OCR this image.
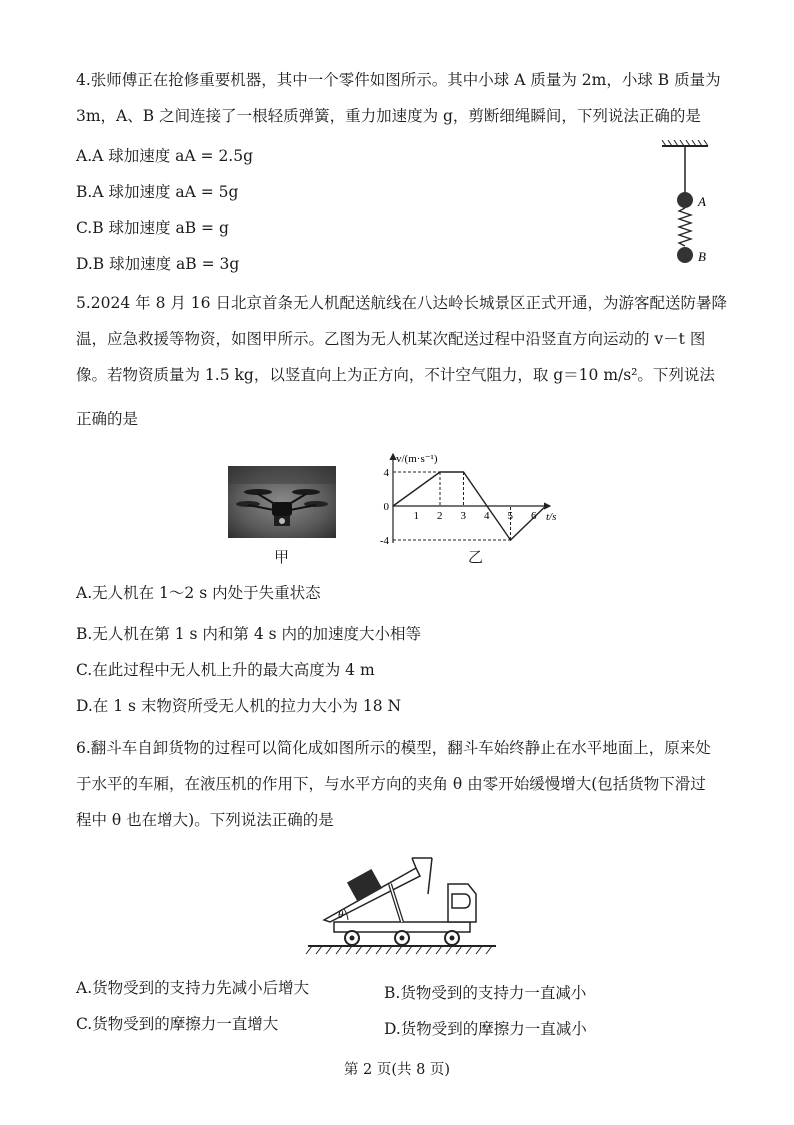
4.张师傅正在抢修重要机器，其中一个零件如图所示。其中小球 A 质量为 2m，小球 B 质量为
3m，A、B 之间连接了一根轻质弹簧，重力加速度为 g，剪断细绳瞬间，下列说法正确的是
A.A 球加速度 aA = 2.5g
B.A 球加速度 aA = 5g
C.B 球加速度 aB = g
D.B 球加速度 aB = 3g
A
B
5.2024 年 8 月 16 日北京首条无人机配送航线在八达岭长城景区正式开通，为游客配送防暑降
温，应急救援等物资，如图甲所示。乙图为无人机某次配送过程中沿竖直方向运动的 v－t 图
像。若物资质量为 1.5 kg，以竖直向上为正方向，不计空气阻力，取 g＝10 m/s²。下列说法
正确的是
甲
1 2 3 4 5 6
4
0
-4
v/(m·s⁻¹)
t/s
乙
A.无人机在 1～2 s 内处于失重状态
B.无人机在第 1 s 内和第 4 s 内的加速度大小相等
C.在此过程中无人机上升的最大高度为 4 m
D.在 1 s 末物资所受无人机的拉力大小为 18 N
6.翻斗车自卸货物的过程可以简化成如图所示的模型，翻斗车始终静止在水平地面上，原来处
于水平的车厢，在液压机的作用下，与水平方向的夹角 θ 由零开始缓慢增大(包括货物下滑过
程中 θ 也在增大)。下列说法正确的是
θ
A.货物受到的支持力先减小后增大	B.货物受到的支持力一直减小
C.货物受到的摩擦力一直增大	D.货物受到的摩擦力一直减小
第 2 页(共 8 页)
